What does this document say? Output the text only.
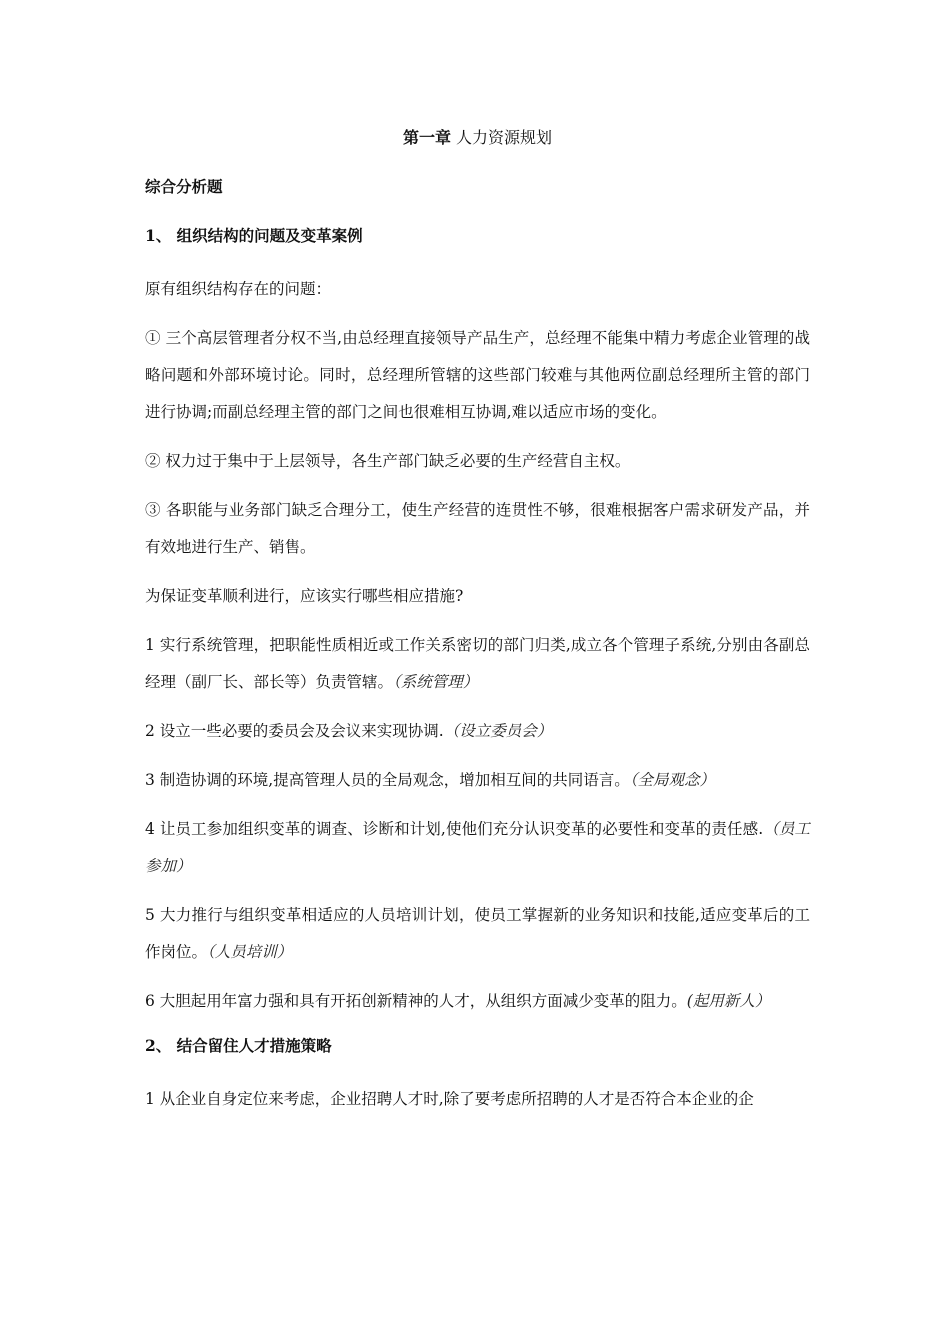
第一章 人力资源规划
综合分析题
1、 组织结构的问题及变革案例

原有组织结构存在的问题：

① 三个高层管理者分权不当,由总经理直接领导产品生产，总经理不能集中精力考虑企业管理的战略问题和外部环境讨论。同时，总经理所管辖的这些部门较难与其他两位副总经理所主管的部门进行协调;而副总经理主管的部门之间也很难相互协调,难以适应市场的变化。

② 权力过于集中于上层领导，各生产部门缺乏必要的生产经营自主权。

③ 各职能与业务部门缺乏合理分工，使生产经营的连贯性不够，很难根据客户需求研发产品，并有效地进行生产、销售。

为保证变革顺利进行，应该实行哪些相应措施?

1 实行系统管理，把职能性质相近或工作关系密切的部门归类,成立各个管理子系统,分别由各副总经理（副厂长、部长等）负责管辖。（系统管理）

2 设立一些必要的委员会及会议来实现协调.（设立委员会）

3 制造协调的环境,提高管理人员的全局观念，增加相互间的共同语言。（全局观念）

4 让员工参加组织变革的调查、诊断和计划,使他们充分认识变革的必要性和变革的责任感.（员工参加）

5 大力推行与组织变革相适应的人员培训计划，使员工掌握新的业务知识和技能,适应变革后的工作岗位。（人员培训）

6 大胆起用年富力强和具有开拓创新精神的人才，从组织方面减少变革的阻力。(起用新人）

2、 结合留住人才措施策略

1 从企业自身定位来考虑，企业招聘人才时,除了要考虑所招聘的人才是否符合本企业的企
